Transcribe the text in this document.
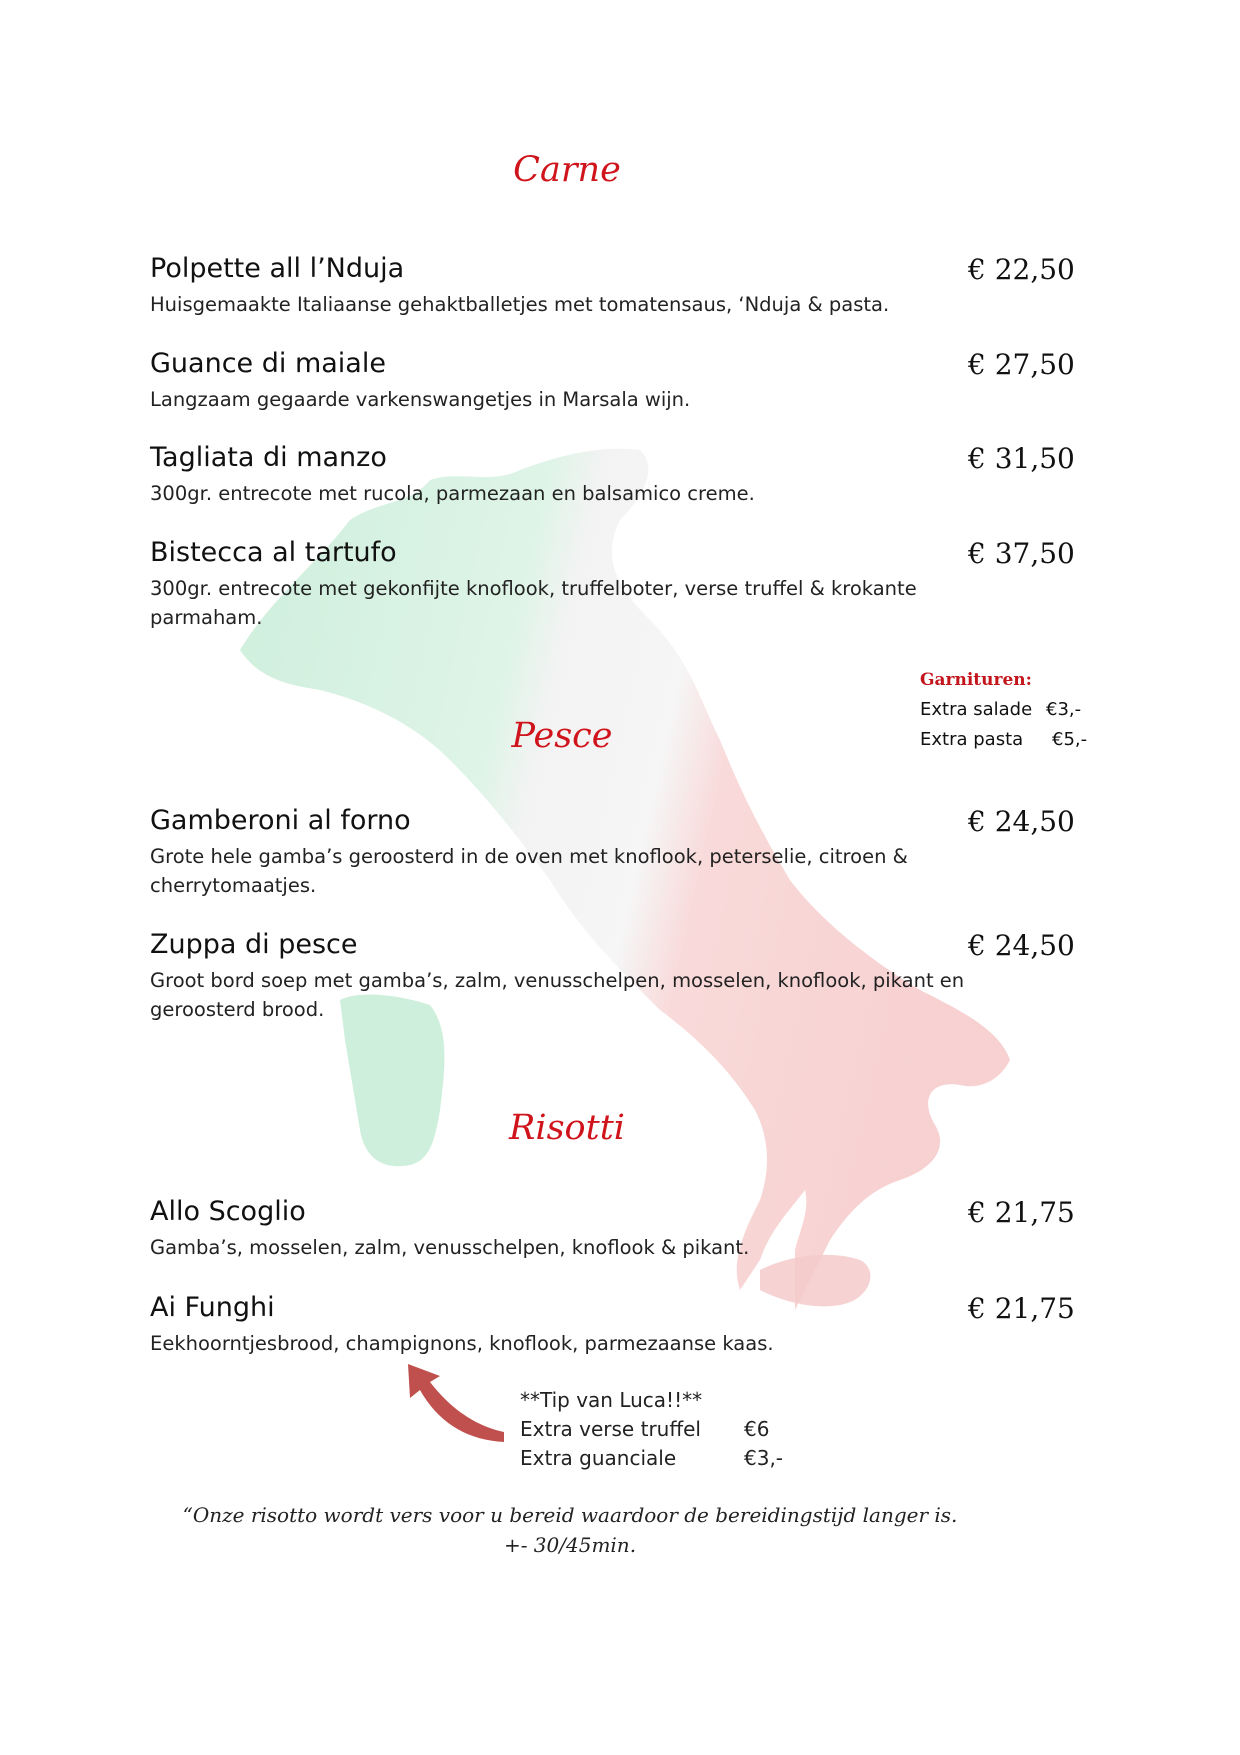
Carne
Polpette all l’Nduja	€ 22,50
Huisgemaakte Italiaanse gehaktballetjes met tomatensaus, ‘Nduja & pasta.
Guance di maiale	€ 27,50
Langzaam gegaarde varkenswangetjes in Marsala wijn.
Tagliata di manzo	€ 31,50
300gr. entrecote met rucola, parmezaan en balsamico creme.
Bistecca al tartufo	€ 37,50
300gr. entrecote met gekonfijte knoflook, truffelboter, verse truffel & krokante parmaham.
Garnituren:
Extra salade €3,-
Extra pasta	€5,-
Pesce
Gamberoni al forno	€ 24,50
Grote hele gamba’s geroosterd in de oven met knoflook, peterselie, citroen & cherrytomaatjes.
Zuppa di pesce	€ 24,50
Groot bord soep met gamba’s, zalm, venusschelpen, mosselen, knoflook, pikant en geroosterd brood.
Risotti
Allo Scoglio	€ 21,75
Gamba’s, mosselen, zalm, venusschelpen, knoflook & pikant.
Ai Funghi	€ 21,75
Eekhoorntjesbrood, champignons, knoflook, parmezaanse kaas.
**Tip van Luca!!**
Extra verse truffel	€6
Extra guanciale	€3,-
“Onze risotto wordt vers voor u bereid waardoor de bereidingstijd langer is.
+- 30/45min.
